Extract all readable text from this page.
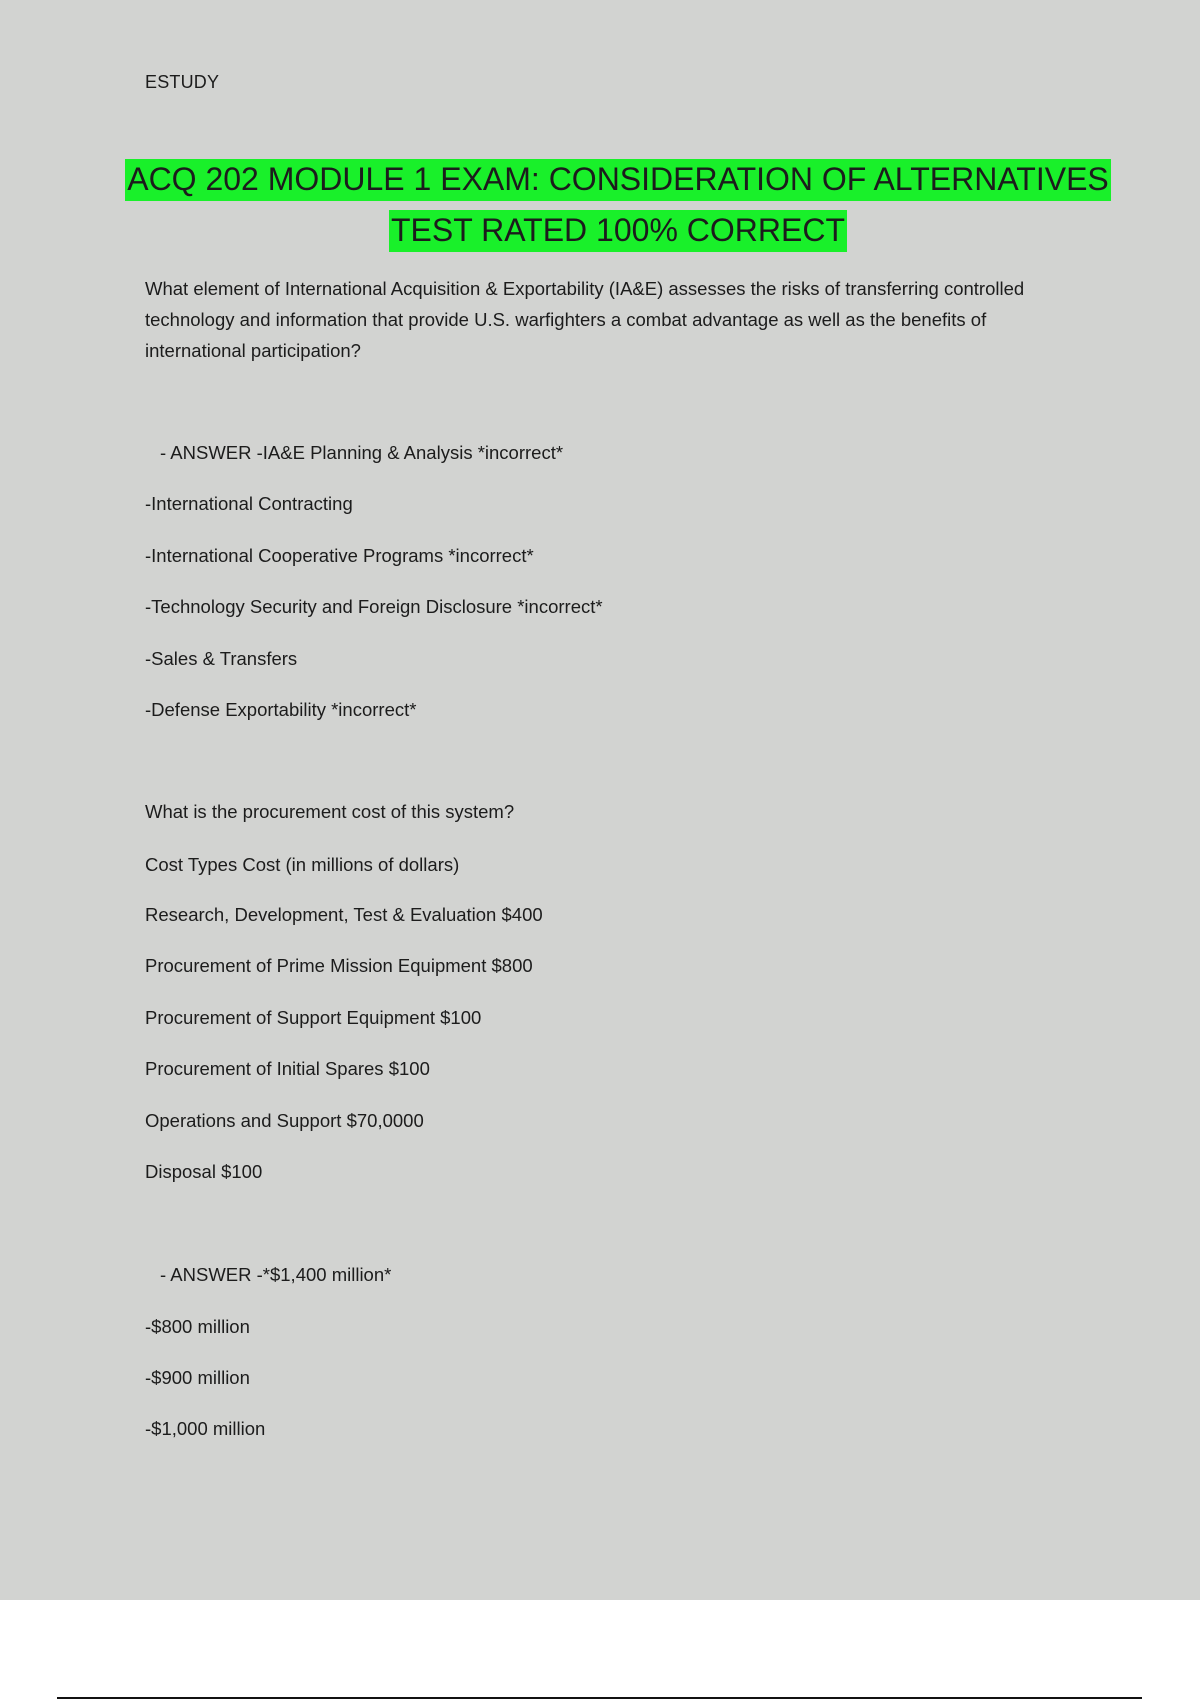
ESTUDY
ACQ 202 MODULE 1 EXAM: CONSIDERATION OF ALTERNATIVES
TEST RATED 100% CORRECT
What element of International Acquisition & Exportability (IA&E) assesses the risks of transferring controlled technology and information that provide U.S. warfighters a combat advantage as well as the benefits of international participation?
- ANSWER -IA&E Planning & Analysis *incorrect*
-International Contracting
-International Cooperative Programs *incorrect*
-Technology Security and Foreign Disclosure *incorrect*
-Sales & Transfers
-Defense Exportability *incorrect*
What is the procurement cost of this system?
Cost Types Cost (in millions of dollars)
Research, Development, Test & Evaluation $400
Procurement of Prime Mission Equipment $800
Procurement of Support Equipment $100
Procurement of Initial Spares $100
Operations and Support $70,0000
Disposal $100
- ANSWER -*$1,400 million*
-$800 million
-$900 million
-$1,000 million
